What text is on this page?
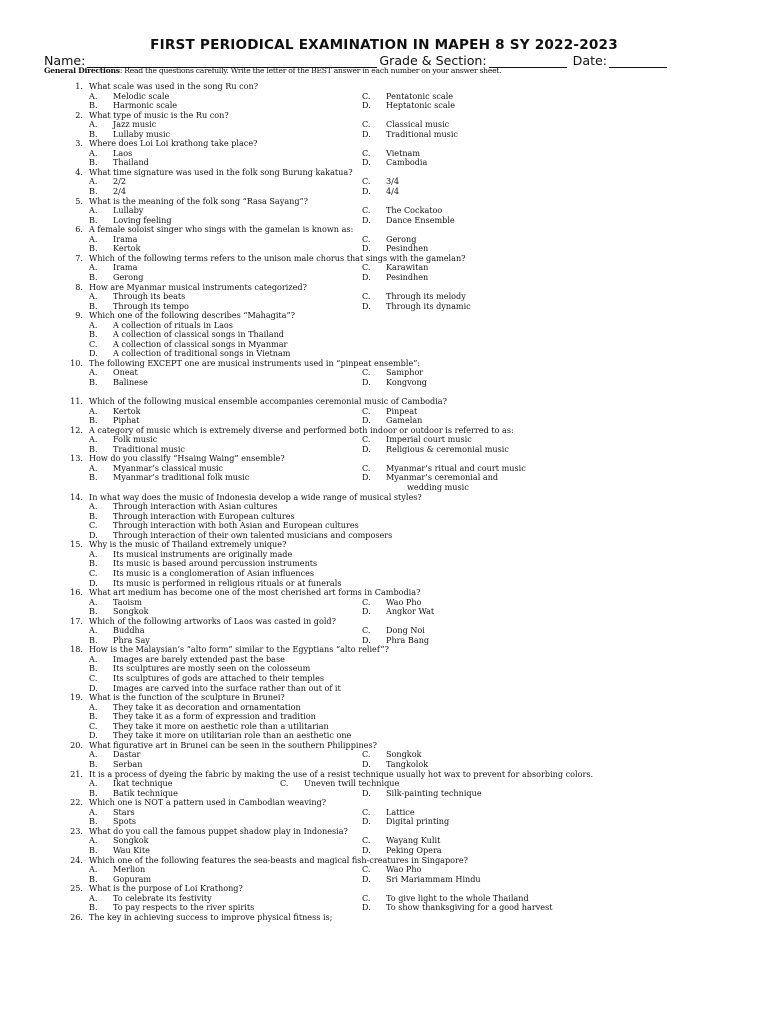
FIRST PERIODICAL EXAMINATION IN MAPEH 8 SY 2022-2023
Name:	Grade & Section:	Date:
General Directions: Read the questions carefully. Write the letter of the BEST answer in each number on your answer sheet.
1. What scale was used in the song Ru con?
A. Melodic scale	C. Pentatonic scale
B. Harmonic scale	D. Heptatonic scale
2. What type of music is the Ru con?
A. Jazz music	C. Classical music
B. Lullaby music	D. Traditional music
3. Where does Loi Loi krathong take place?
A. Laos	C. Vietnam
B. Thailand	D. Cambodia
4. What time signature was used in the folk song Burung kakatua?
A. 2/2	C. 3/4
B. 2/4	D. 4/4
5. What is the meaning of the folk song “Rasa Sayang”?
A. Lullaby	C. The Cockatoo
B. Loving feeling	D. Dance Ensemble
6. A female soloist singer who sings with the gamelan is known as:
A. Irama	C. Gerong
B. Kertok	D. Pesindhen
7. Which of the following terms refers to the unison male chorus that sings with the gamelan?
A. Irama	C. Karawitan
B. Gerong	D. Pesindhen
8. How are Myanmar musical instruments categorized?
A. Through its beats	C. Through its melody
B. Through its tempo	D. Through its dynamic
9. Which one of the following describes “Mahagita”?
A. A collection of rituals in Laos
B. A collection of classical songs in Thailand
C. A collection of classical songs in Myanmar
D. A collection of traditional songs in Vietnam
10. The following EXCEPT one are musical instruments used in “pinpeat ensemble”:
A. Oneat	C. Samphor
B. Balinese	D. Kongvong
11. Which of the following musical ensemble accompanies ceremonial music of Cambodia?
A. Kertok	C. Pinpeat
B. Piphat	D. Gamelan
12. A category of music which is extremely diverse and performed both indoor or outdoor is referred to as:
A. Folk music	C. Imperial court music
B. Traditional music	D. Religious & ceremonial music
13. How do you classify “Hsaing Waing” ensemble?
A. Myanmar’s classical music	C. Myanmar’s ritual and court music
B. Myanmar’s traditional folk music	D. Myanmar’s ceremonial and
wedding music
14. In what way does the music of Indonesia develop a wide range of musical styles?
A. Through interaction with Asian cultures
B. Through interaction with European cultures
C. Through interaction with both Asian and European cultures
D. Through interaction of their own talented musicians and composers
15. Why is the music of Thailand extremely unique?
A. Its musical instruments are originally made
B. Its music is based around percussion instruments
C. Its music is a conglomeration of Asian influences
D. Its music is performed in religious rituals or at funerals
16. What art medium has become one of the most cherished art forms in Cambodia?
A. Taoism	C. Wao Pho
B. Songkok	D. Angkor Wat
17. Which of the following artworks of Laos was casted in gold?
A. Buddha	C. Dong Noi
B. Phra Say	D. Phra Bang
18. How is the Malaysian’s “alto form” similar to the Egyptians “alto relief”?
A. Images are barely extended past the base
B. Its sculptures are mostly seen on the colosseum
C. Its sculptures of gods are attached to their temples
D. Images are carved into the surface rather than out of it
19. What is the function of the sculpture in Brunei?
A. They take it as decoration and ornamentation
B. They take it as a form of expression and tradition
C. They take it more on aesthetic role than a utilitarian
D. They take it more on utilitarian role than an aesthetic one
20. What figurative art in Brunei can be seen in the southern Philippines?
A. Dastar	C. Songkok
B. Serban	D. Tangkolok
21. It is a process of dyeing the fabric by making the use of a resist technique usually hot wax to prevent for absorbing colors.
A. Ikat technique	C. Uneven twill technique
B. Batik technique	D. Silk-painting technique
22. Which one is NOT a pattern used in Cambodian weaving?
A. Stars	C. Lattice
B. Spots	D. Digital printing
23. What do you call the famous puppet shadow play in Indonesia?
A. Songkok	C. Wayang Kulit
B. Wau Kite	D. Peking Opera
24. Which one of the following features the sea-beasts and magical fish-creatures in Singapore?
A. Merlion	C. Wao Pho
B. Gopuram	D. Sri Mariammam Hindu
25. What is the purpose of Loi Krathong?
A. To celebrate its festivity	C. To give light to the whole Thailand
B. To pay respects to the river spirits	D. To show thanksgiving for a good harvest
26. The key in achieving success to improve physical fitness is;
